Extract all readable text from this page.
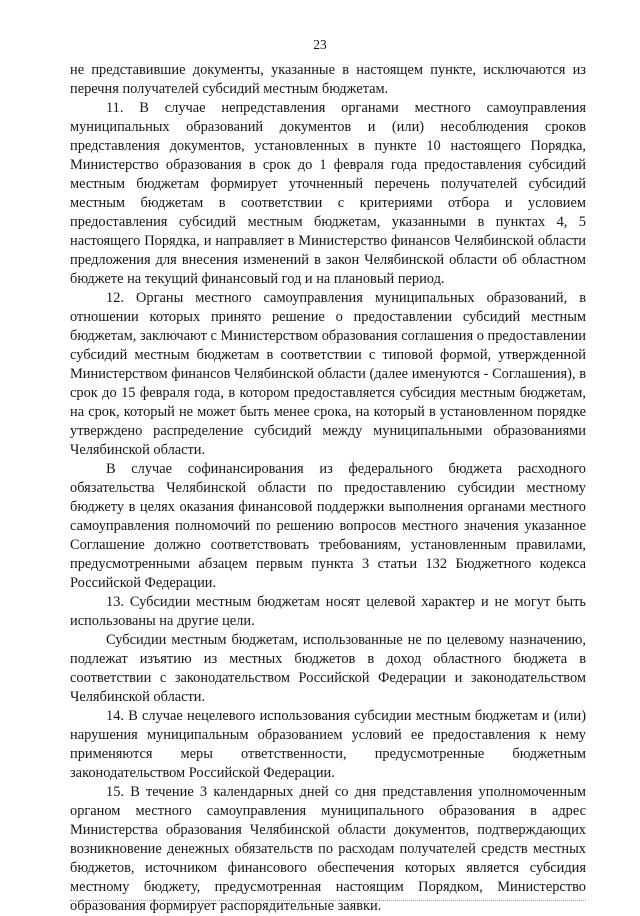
23

не представившие документы, указанные в настоящем пункте, исключаются из перечня получателей субсидий местным бюджетам.

11. В случае непредставления органами местного самоуправления муниципальных образований документов и (или) несоблюдения сроков представления документов, установленных в пункте 10 настоящего Порядка, Министерство образования в срок до 1 февраля года предоставления субсидий местным бюджетам формирует уточненный перечень получателей субсидий местным бюджетам в соответствии с критериями отбора и условием предоставления субсидий местным бюджетам, указанными в пунктах 4, 5 настоящего Порядка, и направляет в Министерство финансов Челябинской области предложения для внесения изменений в закон Челябинской области об областном бюджете на текущий финансовый год и на плановый период.

12. Органы местного самоуправления муниципальных образований, в отношении которых принято решение о предоставлении субсидий местным бюджетам, заключают с Министерством образования соглашения о предоставлении субсидий местным бюджетам в соответствии с типовой формой, утвержденной Министерством финансов Челябинской области (далее именуются - Соглашения), в срок до 15 февраля года, в котором предоставляется субсидия местным бюджетам, на срок, который не может быть менее срока, на который в установленном порядке утверждено распределение субсидий между муниципальными образованиями Челябинской области.

В случае софинансирования из федерального бюджета расходного обязательства Челябинской области по предоставлению субсидии местному бюджету в целях оказания финансовой поддержки выполнения органами местного самоуправления полномочий по решению вопросов местного значения указанное Соглашение должно соответствовать требованиям, установленным правилами, предусмотренными абзацем первым пункта 3 статьи 132 Бюджетного кодекса Российской Федерации.

13. Субсидии местным бюджетам носят целевой характер и не могут быть использованы на другие цели.

Субсидии местным бюджетам, использованные не по целевому назначению, подлежат изъятию из местных бюджетов в доход областного бюджета в соответствии с законодательством Российской Федерации и законодательством Челябинской области.

14. В случае нецелевого использования субсидии местным бюджетам и (или) нарушения муниципальным образованием условий ее предоставления к нему применяются меры ответственности, предусмотренные бюджетным законодательством Российской Федерации.

15. В течение 3 календарных дней со дня представления уполномоченным органом местного самоуправления муниципального образования в адрес Министерства образования Челябинской области документов, подтверждающих возникновение денежных обязательств по расходам получателей средств местных бюджетов, источником финансового обеспечения которых является субсидия местному бюджету, предусмотренная настоящим Порядком, Министерство образования формирует распорядительные заявки.
